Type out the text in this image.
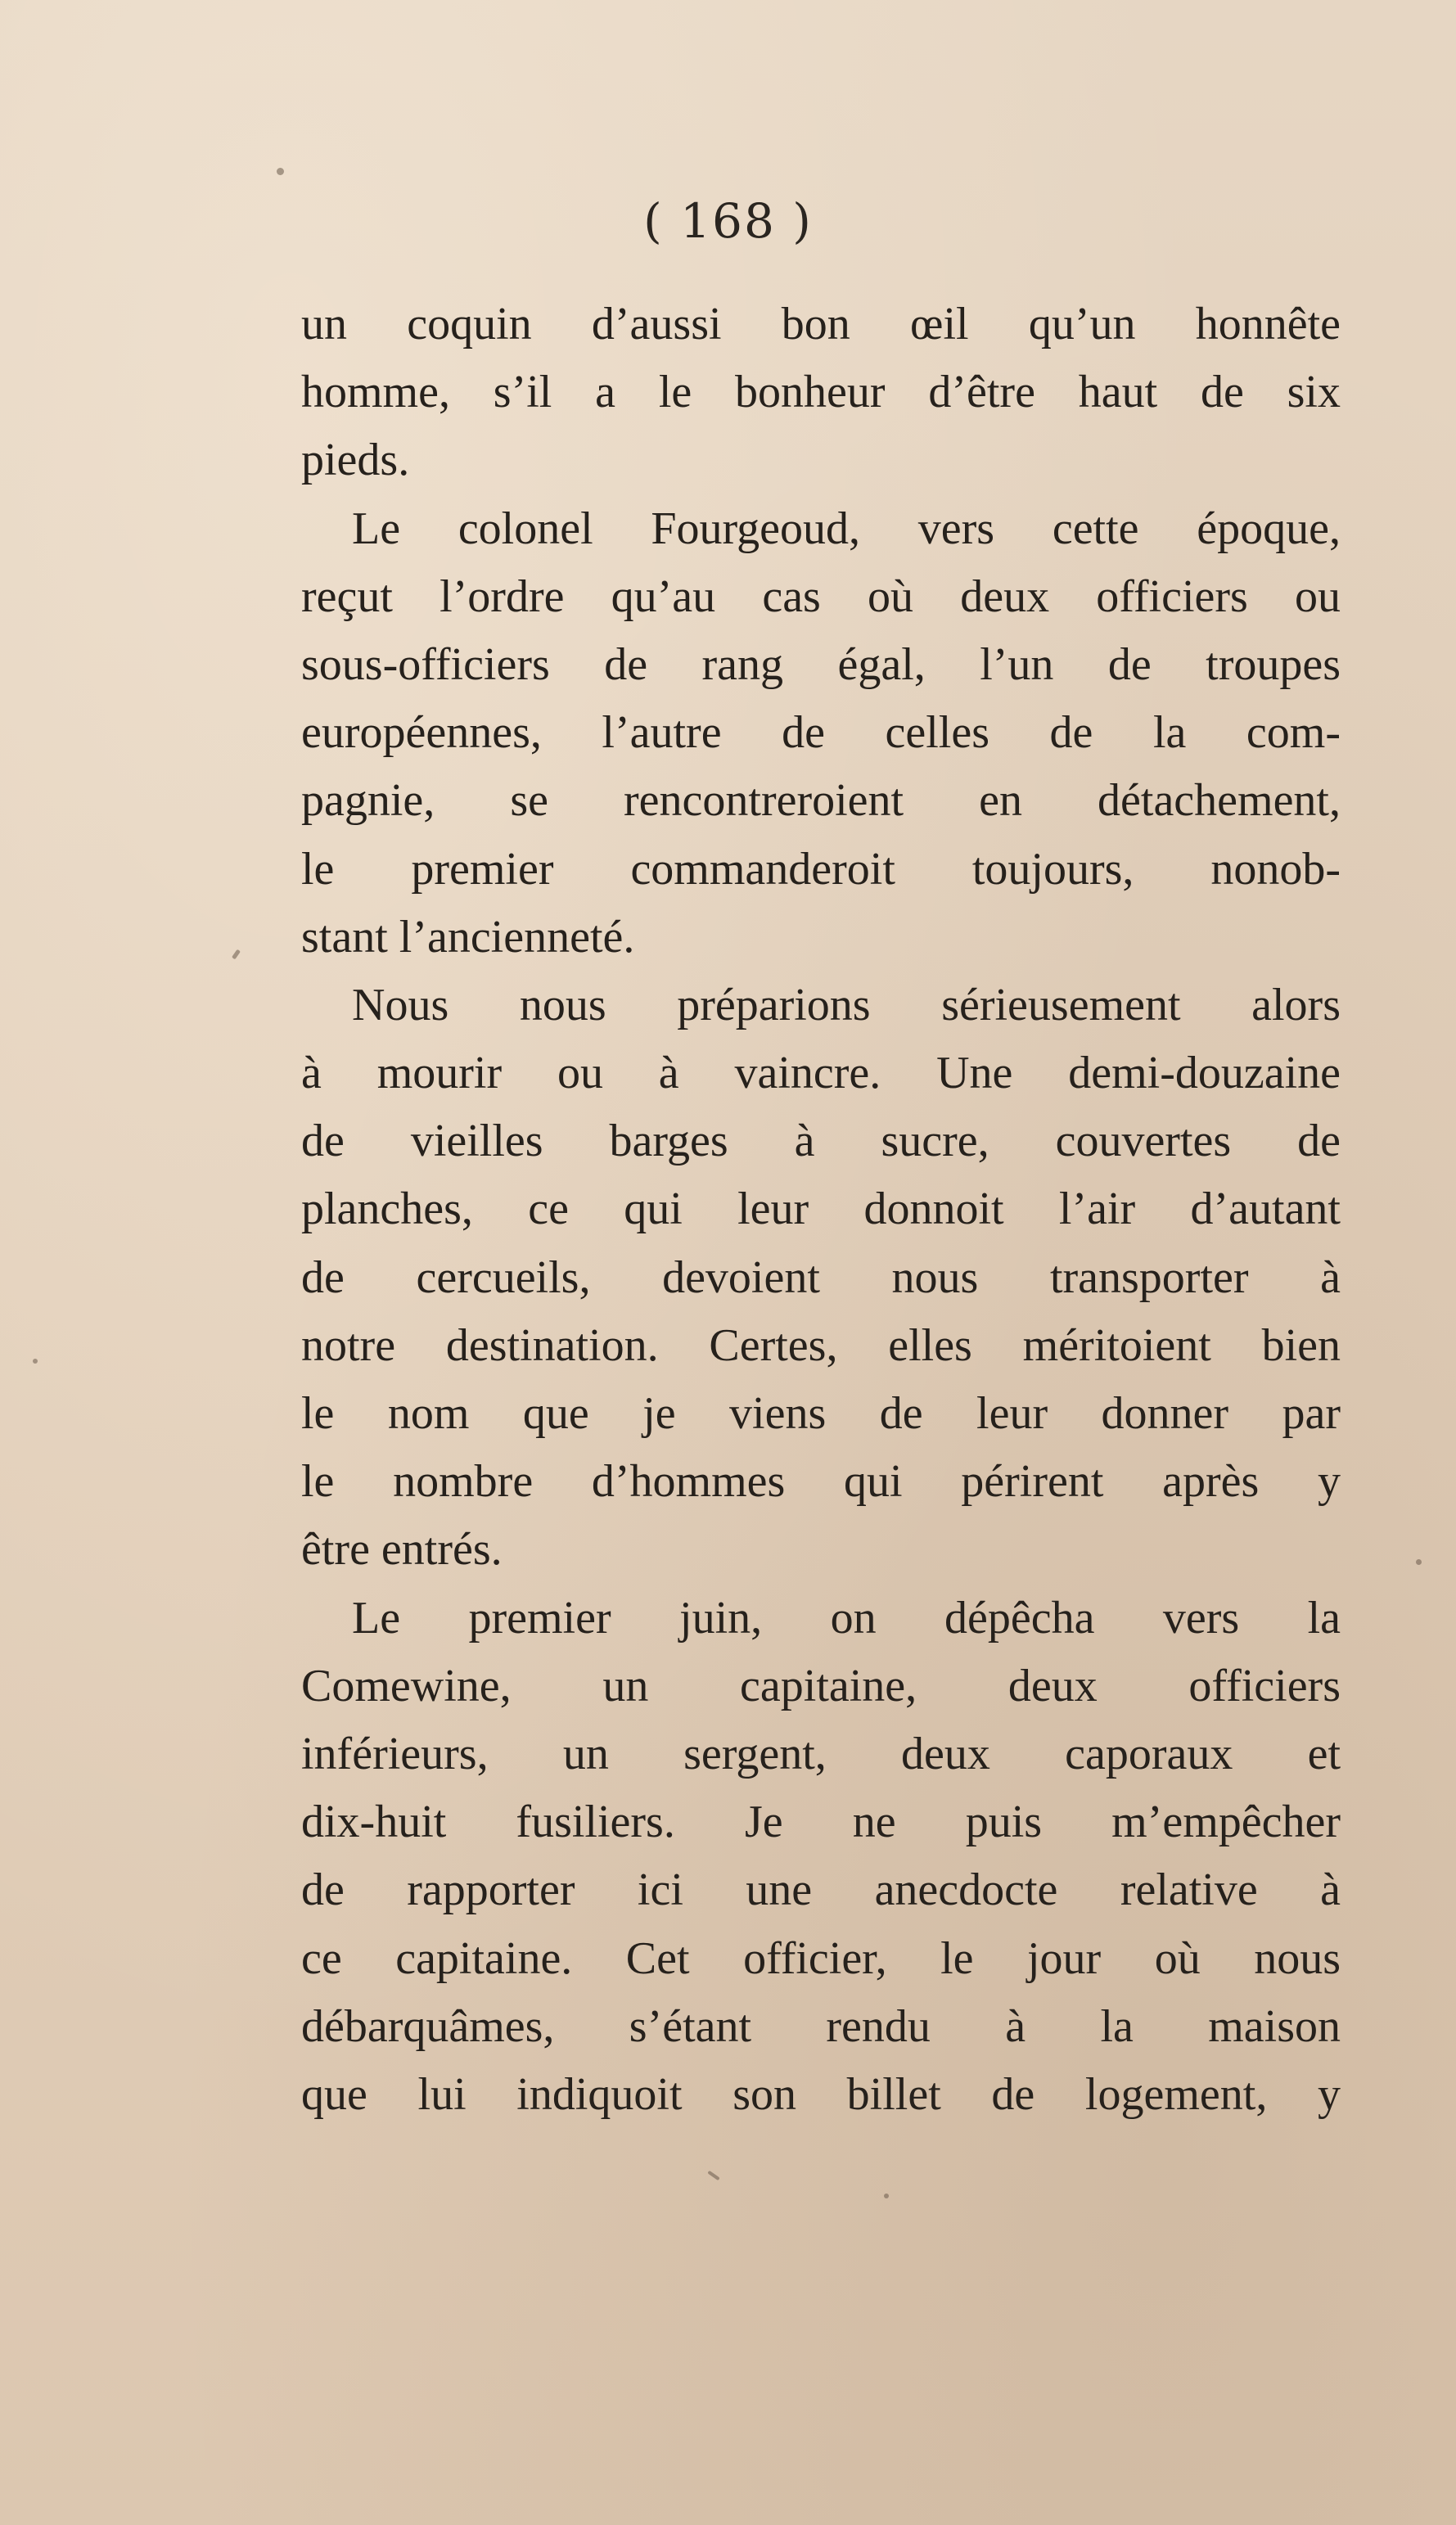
( 168 )
un coquin d’aussi bon œil qu’un honnête
homme, s’il a le bonheur d’être haut de six
pieds.
Le colonel Fourgeoud, vers cette époque,
reçut l’ordre qu’au cas où deux officiers ou
sous-officiers de rang égal, l’un de troupes
européennes, l’autre de celles de la com-
pagnie, se rencontreroient en détachement,
le premier commanderoit toujours, nonob-
stant l’ancienneté.
Nous nous préparions sérieusement alors
à mourir ou à vaincre. Une demi-douzaine
de vieilles barges à sucre, couvertes de
planches, ce qui leur donnoit l’air d’autant
de cercueils, devoient nous transporter à
notre destination. Certes, elles méritoient bien
le nom que je viens de leur donner par
le nombre d’hommes qui périrent après y
être entrés.
Le premier juin, on dépêcha vers la
Comewine, un capitaine, deux officiers
inférieurs, un sergent, deux caporaux et
dix-huit fusiliers. Je ne puis m’empêcher
de rapporter ici une anecdocte relative à
ce capitaine. Cet officier, le jour où nous
débarquâmes, s’étant rendu à la maison
que lui indiquoit son billet de logement, y
